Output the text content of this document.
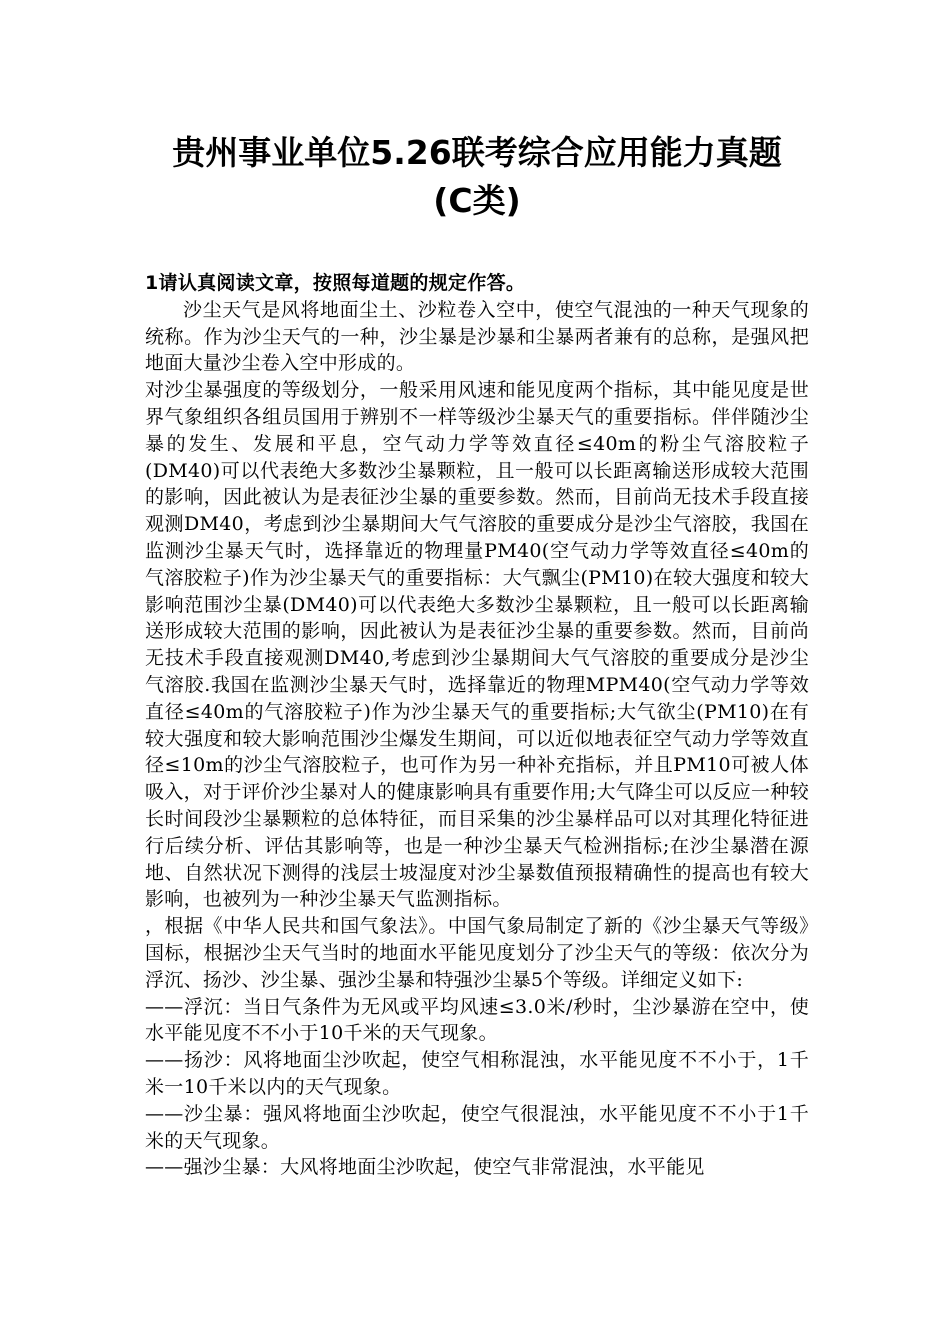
贵州事业单位5.26联考综合应用能力真题
(C类)

1请认真阅读文章，按照每道题的规定作答。

沙尘天气是风将地面尘土、沙粒卷入空中，使空气混浊的一种天气现象的统称。作为沙尘天气的一种，沙尘暴是沙暴和尘暴两者兼有的总称，是强风把地面大量沙尘卷入空中形成的。

对沙尘暴强度的等级划分，一般采用风速和能见度两个指标，其中能见度是世界气象组织各组员国用于辨别不一样等级沙尘暴天气的重要指标。伴伴随沙尘暴的发生、发展和平息，空气动力学等效直径≤40m的粉尘气溶胶粒子(DM40)可以代表绝大多数沙尘暴颗粒，且一般可以长距离输送形成较大范围的影响，因此被认为是表征沙尘暴的重要参数。然而，目前尚无技术手段直接观测DM40，考虑到沙尘暴期间大气气溶胶的重要成分是沙尘气溶胶，我国在监测沙尘暴天气时，选择靠近的物理量PM40(空气动力学等效直径≤40m的气溶胶粒子)作为沙尘暴天气的重要指标：大气飘尘(PM10)在较大强度和较大影响范围沙尘暴(DM40)可以代表绝大多数沙尘暴颗粒，且一般可以长距离输送形成较大范围的影响，因此被认为是表征沙尘暴的重要参数。然而，目前尚无技术手段直接观测DM40,考虑到沙尘暴期间大气气溶胶的重要成分是沙尘气溶胶.我国在监测沙尘暴天气时，选择靠近的物理MPM40(空气动力学等效直径≤40m的气溶胶粒子)作为沙尘暴天气的重要指标;大气欲尘(PM10)在有较大强度和较大影响范围沙尘爆发生期间，可以近似地表征空气动力学等效直径≤10m的沙尘气溶胶粒子，也可作为另一种补充指标，并且PM10可被人体吸入，对于评价沙尘暴对人的健康影响具有重要作用;大气降尘可以反应一种较长时间段沙尘暴颗粒的总体特征，而目采集的沙尘暴样品可以对其理化特征进行后续分析、评估其影响等，也是一种沙尘暴天气检洲指标;在沙尘暴潜在源地、自然状况下测得的浅层士坡湿度对沙尘暴数值预报精确性的提高也有较大影响，也被列为一种沙尘暴天气监测指标。

，根据《中华人民共和国气象法》。中国气象局制定了新的《沙尘暴天气等级》国标，根据沙尘天气当时的地面水平能见度划分了沙尘天气的等级：依次分为浮沉、扬沙、沙尘暴、强沙尘暴和特强沙尘暴5个等级。详细定义如下:

——浮沉：当日气条件为无风或平均风速≤3.0米/秒时，尘沙暴游在空中，使水平能见度不不小于10千米的天气现象。

——扬沙：风将地面尘沙吹起，使空气相称混浊，水平能见度不不小于，1千米一10千米以内的天气现象。

——沙尘暴：强风将地面尘沙吹起，使空气很混浊，水平能见度不不小于1千米的天气现象。

——强沙尘暴：大风将地面尘沙吹起，使空气非常混浊，水平能见
